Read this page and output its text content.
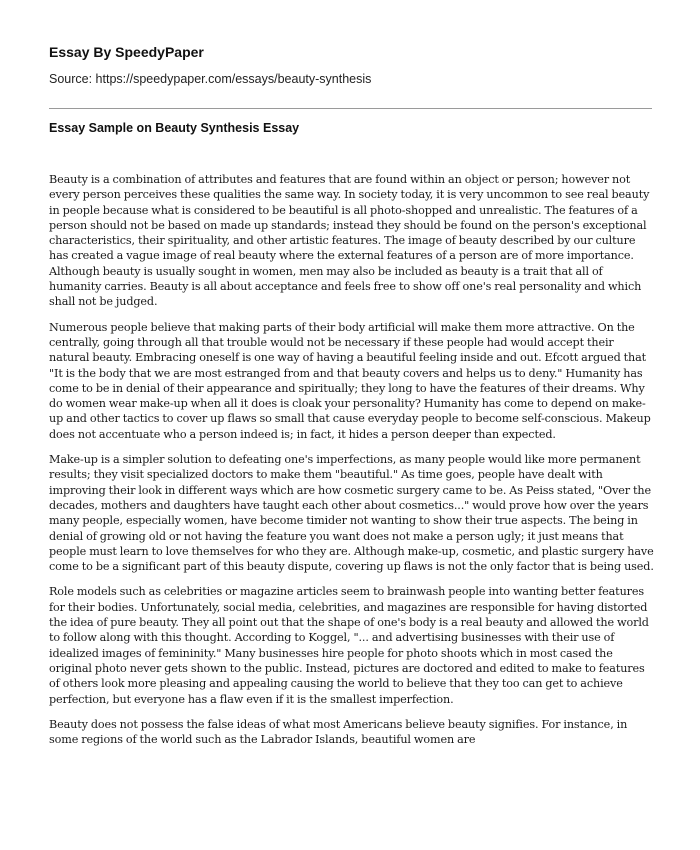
Essay By SpeedyPaper
Source: https://speedypaper.com/essays/beauty-synthesis
Essay Sample on Beauty Synthesis Essay

Beauty is a combination of attributes and features that are found within an object or person; however not every person perceives these qualities the same way. In society today, it is very uncommon to see real beauty in people because what is considered to be beautiful is all photo-shopped and unrealistic. The features of a person should not be based on made up standards; instead they should be found on the person's exceptional characteristics, their spirituality, and other artistic features. The image of beauty described by our culture has created a vague image of real beauty where the external features of a person are of more importance. Although beauty is usually sought in women, men may also be included as beauty is a trait that all of humanity carries. Beauty is all about acceptance and feels free to show off one's real personality and which shall not be judged.

Numerous people believe that making parts of their body artificial will make them more attractive. On the centrally, going through all that trouble would not be necessary if these people had would accept their natural beauty. Embracing oneself is one way of having a beautiful feeling inside and out. Efcott argued that "It is the body that we are most estranged from and that beauty covers and helps us to deny." Humanity has come to be in denial of their appearance and spiritually; they long to have the features of their dreams. Why do women wear make-up when all it does is cloak your personality? Humanity has come to depend on make-up and other tactics to cover up flaws so small that cause everyday people to become self-conscious. Makeup does not accentuate who a person indeed is; in fact, it hides a person deeper than expected.

Make-up is a simpler solution to defeating one's imperfections, as many people would like more permanent results; they visit specialized doctors to make them "beautiful." As time goes, people have dealt with improving their look in different ways which are how cosmetic surgery came to be. As Peiss stated, "Over the decades, mothers and daughters have taught each other about cosmetics..." would prove how over the years many people, especially women, have become timider not wanting to show their true aspects. The being in denial of growing old or not having the feature you want does not make a person ugly; it just means that people must learn to love themselves for who they are. Although make-up, cosmetic, and plastic surgery have come to be a significant part of this beauty dispute, covering up flaws is not the only factor that is being used.

Role models such as celebrities or magazine articles seem to brainwash people into wanting better features for their bodies. Unfortunately, social media, celebrities, and magazines are responsible for having distorted the idea of pure beauty. They all point out that the shape of one's body is a real beauty and allowed the world to follow along with this thought. According to Koggel, "... and advertising businesses with their use of idealized images of femininity." Many businesses hire people for photo shoots which in most cased the original photo never gets shown to the public. Instead, pictures are doctored and edited to make to features of others look more pleasing and appealing causing the world to believe that they too can get to achieve perfection, but everyone has a flaw even if it is the smallest imperfection.

Beauty does not possess the false ideas of what most Americans believe beauty signifies. For instance, in some regions of the world such as the Labrador Islands, beautiful women are
